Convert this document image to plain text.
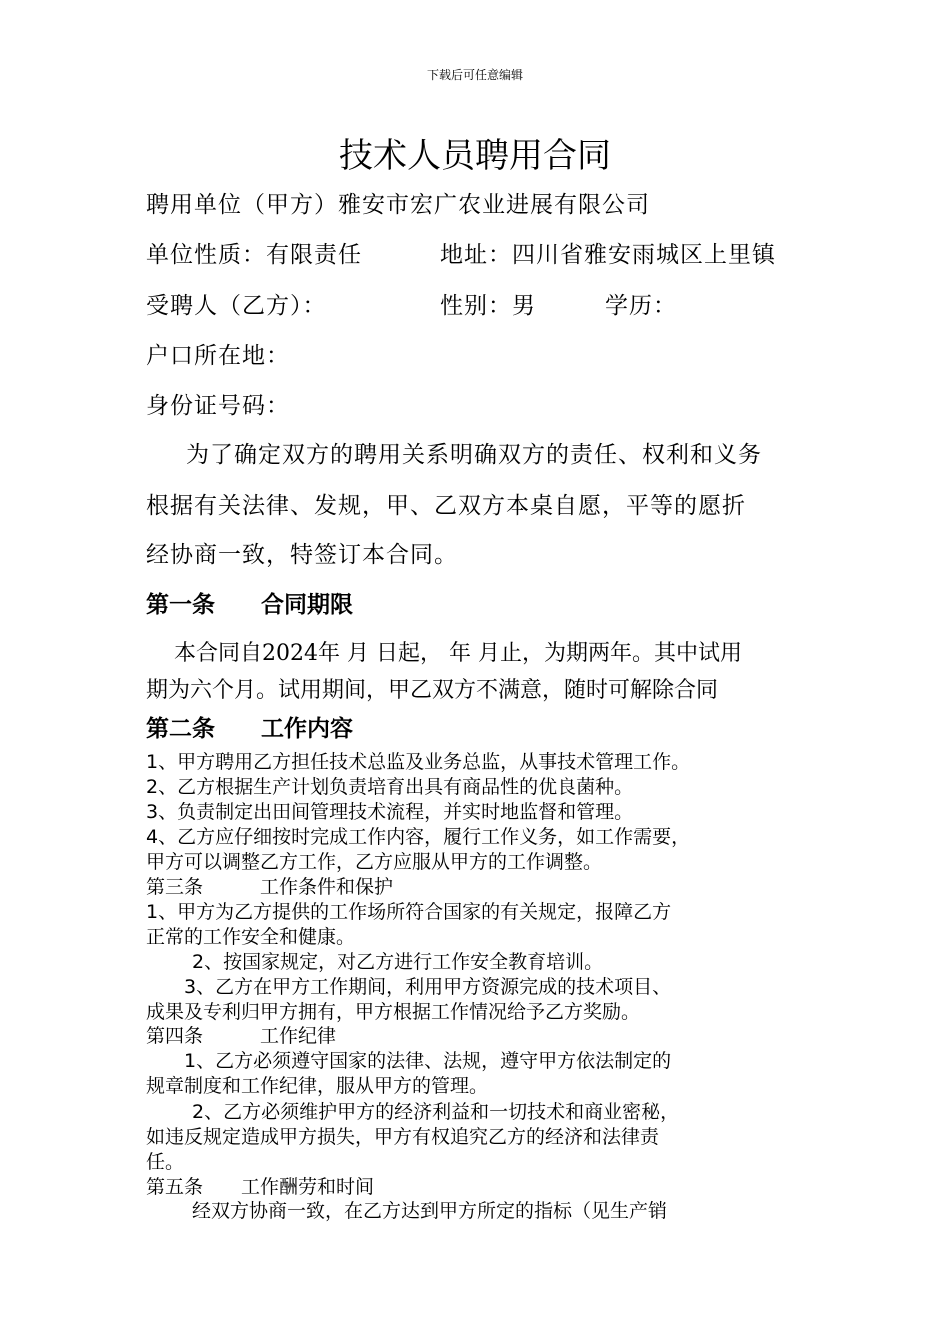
下载后可任意编辑
技术人员聘用合同
聘用单位（甲方）雅安市宏广农业进展有限公司
单位性质：有限责任	地址：四川省雅安雨城区上里镇
受聘人（乙方）：	性别：男	学历：
户口所在地：
身份证号码：
为了确定双方的聘用关系明确双方的责任、权利和义务
根据有关法律、发规，甲、乙双方本桌自愿，平等的愿折
经协商一致，特签订本合同。
第一条　　合同期限
本合同自2024年 月 日起， 年 月止，为期两年。其中试用
期为六个月。试用期间，甲乙双方不满意，随时可解除合同
第二条　　工作内容
1、甲方聘用乙方担任技术总监及业务总监，从事技术管理工作。
2、乙方根据生产计划负责培育出具有商品性的优良菌种。
3、负责制定出田间管理技术流程，并实时地监督和管理。
4、乙方应仔细按时完成工作内容，履行工作义务，如工作需要，
甲方可以调整乙方工作，乙方应服从甲方的工作调整。
第三条　　　工作条件和保护
1、甲方为乙方提供的工作场所符合国家的有关规定，报障乙方
正常的工作安全和健康。
2、按国家规定，对乙方进行工作安全教育培训。
3、乙方在甲方工作期间，利用甲方资源完成的技术项目、
成果及专利归甲方拥有，甲方根据工作情况给予乙方奖励。
第四条　　　工作纪律
1、乙方必须遵守国家的法律、法规，遵守甲方依法制定的
规章制度和工作纪律，服从甲方的管理。
2、乙方必须维护甲方的经济利益和一切技术和商业密秘，
如违反规定造成甲方损失，甲方有权追究乙方的经济和法律责
任。
第五条　　工作酬劳和时间
经双方协商一致，在乙方达到甲方所定的指标（见生产销
